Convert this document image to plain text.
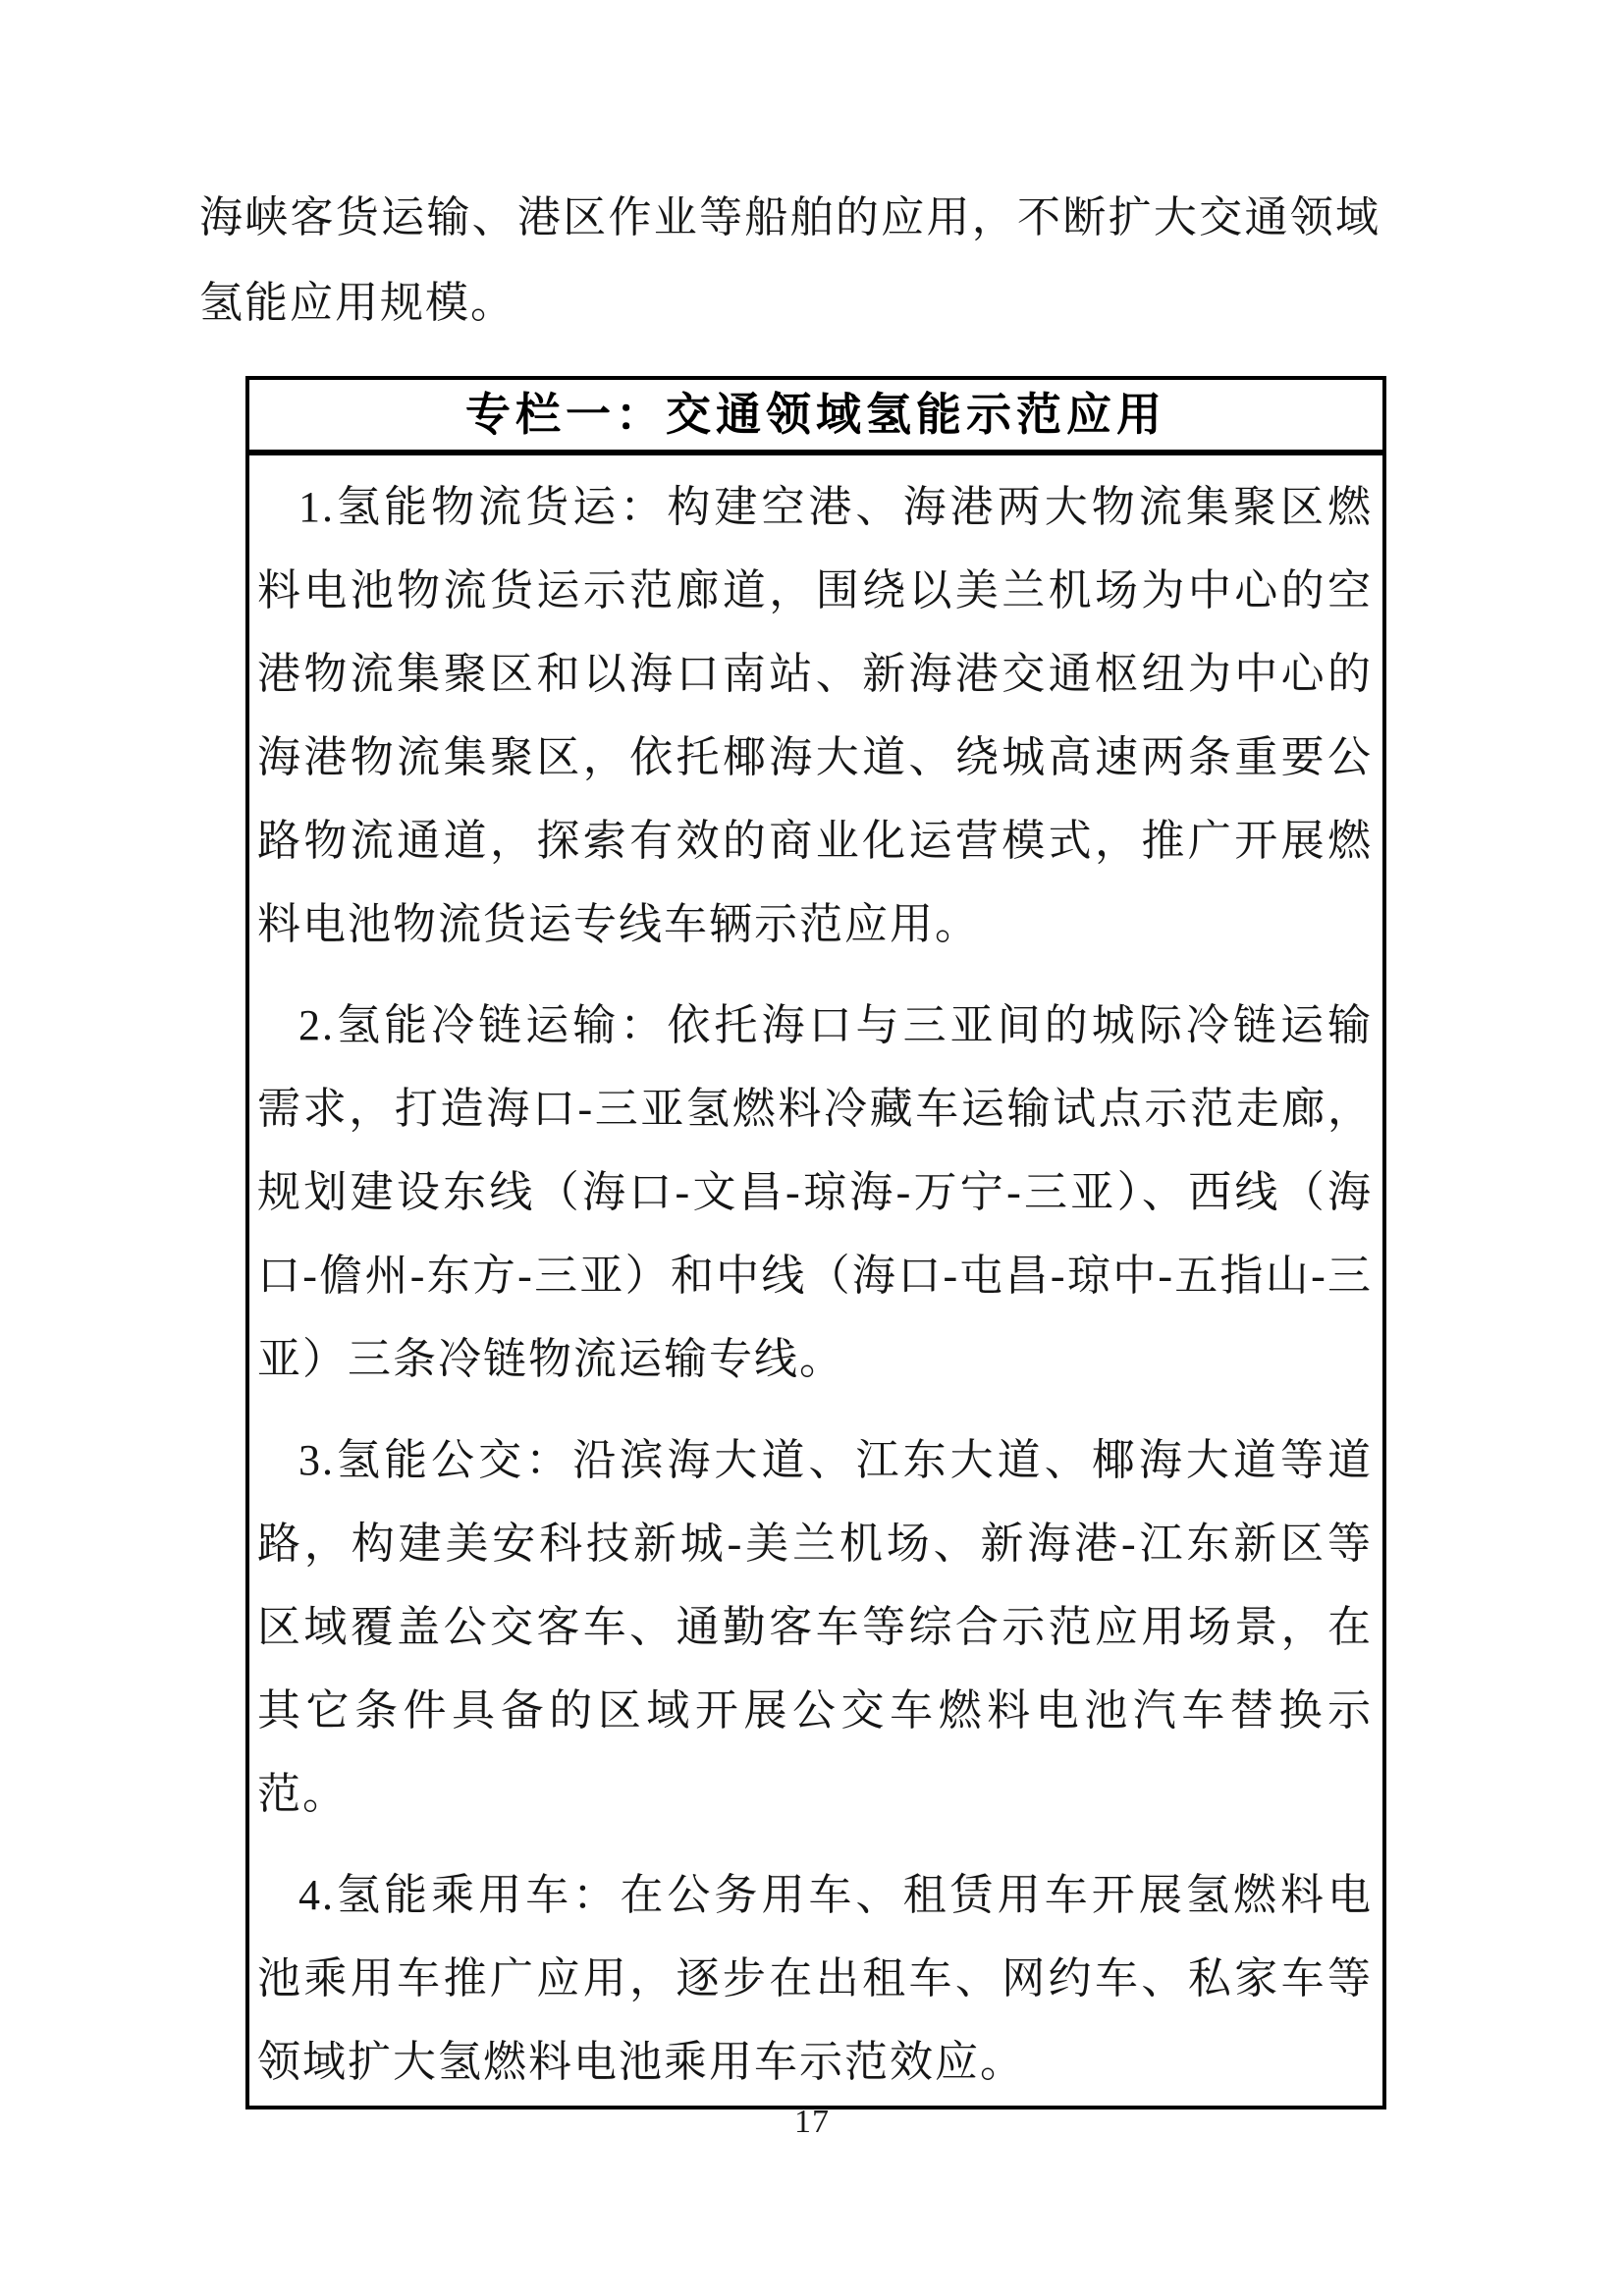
海峡客货运输、港区作业等船舶的应用，不断扩大交通领域氢能应用规模。
专栏一：交通领域氢能示范应用

1.氢能物流货运：构建空港、海港两大物流集聚区燃料电池物流货运示范廊道，围绕以美兰机场为中心的空港物流集聚区和以海口南站、新海港交通枢纽为中心的海港物流集聚区，依托椰海大道、绕城高速两条重要公路物流通道，探索有效的商业化运营模式，推广开展燃料电池物流货运专线车辆示范应用。

2.氢能冷链运输：依托海口与三亚间的城际冷链运输需求，打造海口-三亚氢燃料冷藏车运输试点示范走廊，规划建设东线（海口-文昌-琼海-万宁-三亚）、西线（海口-儋州-东方-三亚）和中线（海口-屯昌-琼中-五指山-三亚）三条冷链物流运输专线。

3.氢能公交：沿滨海大道、江东大道、椰海大道等道路，构建美安科技新城-美兰机场、新海港-江东新区等区域覆盖公交客车、通勤客车等综合示范应用场景，在其它条件具备的区域开展公交车燃料电池汽车替换示范。

4.氢能乘用车：在公务用车、租赁用车开展氢燃料电池乘用车推广应用，逐步在出租车、网约车、私家车等领域扩大氢燃料电池乘用车示范效应。

17
